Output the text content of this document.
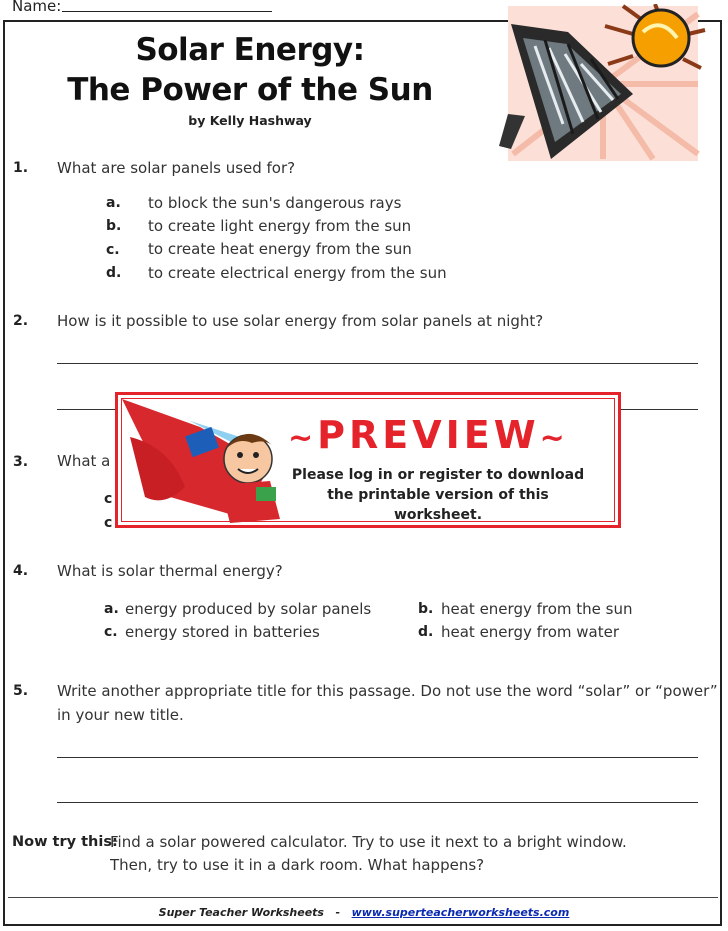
Name:
Solar Energy:
The Power of the Sun
by Kelly Hashway
1. What are solar panels used for?
a. to block the sun's dangerous rays
b. to create light energy from the sun
c. to create heat energy from the sun
d. to create electrical energy from the sun
2. How is it possible to use solar energy from solar panels at night?
3. What a
c
c
~PREVIEW~
Please log in or register to download
the printable version of this worksheet.
4. What is solar thermal energy?
a. energy produced by solar panels	b. heat energy from the sun
c. energy stored in batteries	d. heat energy from water
5. Write another appropriate title for this passage. Do not use the word “solar” or “power”
in your new title.
Now try this:
Find a solar powered calculator. Try to use it next to a bright window.
Then, try to use it in a dark room. What happens?
Super Teacher Worksheets - www.superteacherworksheets.com
